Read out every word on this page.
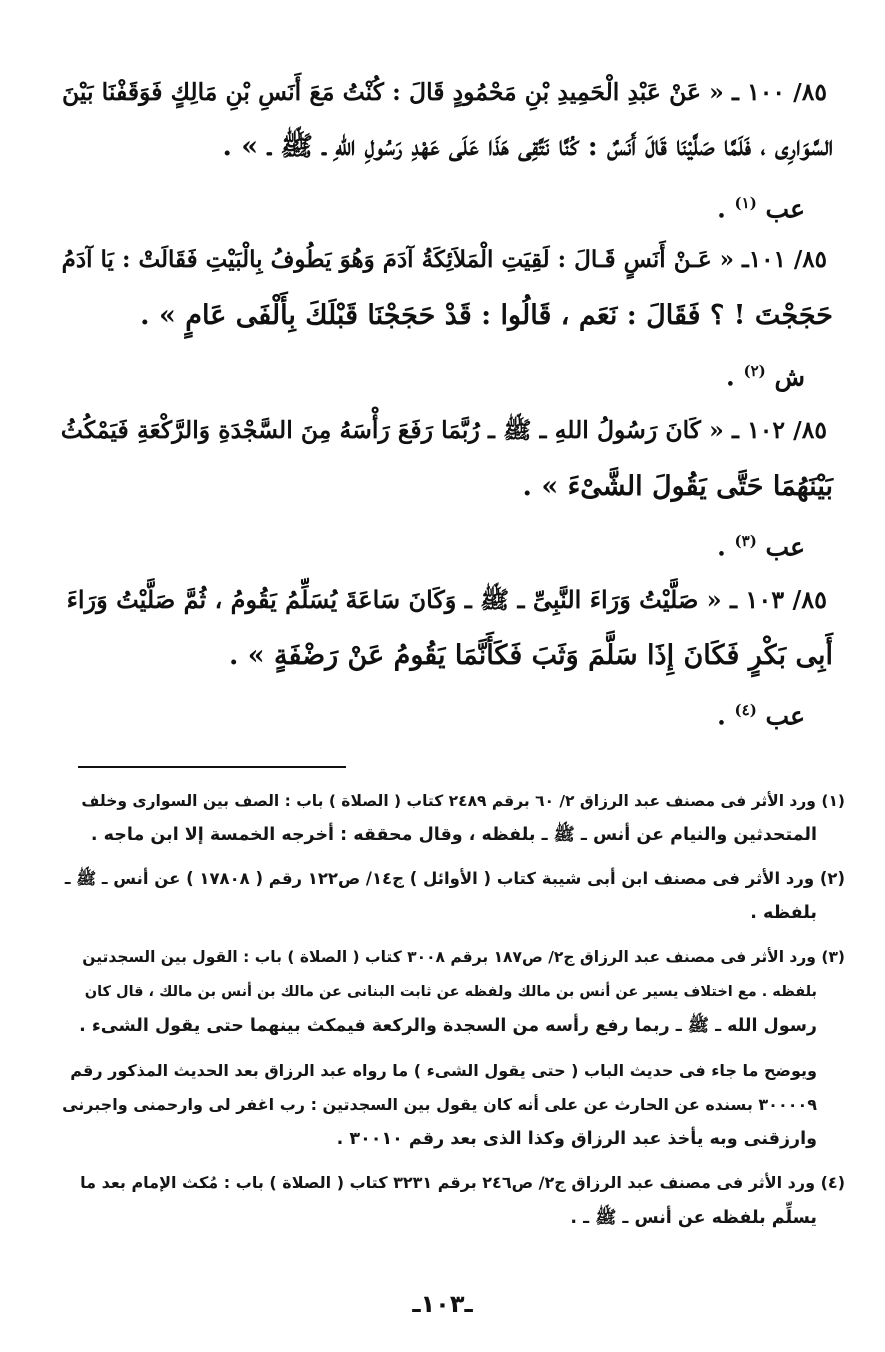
٨٥/ ١٠٠ ـ « عَنْ عَبْدِ الْحَمِيدِ بْنِ مَحْمُودٍ قَالَ : كُنْتُ مَعَ أَنَسِ بْنِ مَالِكٍ فَوَقَفْنَا بَيْنَ
السَّوَارِى ، فَلَمَّا صَلَّيْنَا قَالَ أَنَسٌ : كُنَّا نَتَّقِى هَذَا عَلَى عَهْدِ رَسُولِ اللهِ ـ ﷺ ـ » .
عب $^{(١)}$ .
٨٥/ ١٠١ـ « عَـنْ أَنَسٍ قَـالَ : لَقِيَتِ الْمَلاَئِكَةُ آدَمَ وَهُوَ يَطُوفُ بِالْبَيْتِ فَقَالَتْ : يَا آدَمُ
حَجَجْتَ ! ؟ فَقَالَ : نَعَم ، قَالُوا : قَدْ حَجَجْنَا قَبْلَكَ بِأَلْفَى عَامٍ » .
ش $^{(٢)}$ .
٨٥/ ١٠٢ ـ « كَانَ رَسُولُ اللهِ ـ ﷺ ـ رُبَّمَا رَفَعَ رَأْسَهُ مِنَ السَّجْدَةِ وَالرَّكْعَةِ فَيَمْكُثُ
بَيْنَهُمَا حَتَّى يَقُولَ الشَّىْءَ » .
عب $^{(٣)}$ .
٨٥/ ١٠٣ ـ « صَلَّيْتُ وَرَاءَ النَّبِىِّ ـ ﷺ ـ وَكَانَ سَاعَةَ يُسَلِّمُ يَقُومُ ، ثُمَّ صَلَّيْتُ وَرَاءَ
أَبِى بَكْرٍ فَكَانَ إِذَا سَلَّمَ وَثَبَ فَكَأَنَّمَا يَقُومُ عَنْ رَضْفَةٍ » .
عب $^{(٤)}$ .
(١) ورد الأثر فى مصنف عبد الرزاق ٢/ ٦٠ برقم ٢٤٨٩ كتاب ( الصلاة ) باب : الصف بين السوارى وخلف
المتحدثين والنيام عن أنس ـ ﷺ ـ بلفظه ، وقال محققه : أخرجه الخمسة إلا ابن ماجه .
(٢) ورد الأثر فى مصنف ابن أبى شيبة كتاب ( الأوائل ) ج١٤/ ص١٢٢ رقم ( ١٧٨٠٨ ) عن أنس ـ ﷺ ـ
بلفظه .
(٣) ورد الأثر فى مصنف عبد الرزاق ج٢/ ص١٨٧ برقم ٣٠٠٨ كتاب ( الصلاة ) باب : القول بين السجدتين
بلفظه . مع اختلاف يسير عن أنس بن مالك ولفظه عن ثابت البنانى عن مالك بن أنس بن مالك ، قال كان
رسول الله ـ ﷺ ـ ربما رفع رأسه من السجدة والركعة فيمكث بينهما حتى يقول الشىء .
ويوضح ما جاء فى حديث الباب ( حتى يقول الشىء ) ما رواه عبد الرزاق بعد الحديث المذكور رقم
٣٠٠٠٠٩ بسنده عن الحارث عن على أنه كان يقول بين السجدتين : رب اغفر لى وارحمنى واجبرنى
وارزقنى وبه يأخذ عبد الرزاق وكذا الذى بعد رقم ٣٠٠١٠ .
(٤) ورد الأثر فى مصنف عبد الرزاق ج٢/ ص٢٤٦ برقم ٣٢٣١ كتاب ( الصلاة ) باب : مُكث الإمام بعد ما
يسلِّم بلفظه عن أنس ـ ﷺ ـ .
ـ١٠٣ـ
